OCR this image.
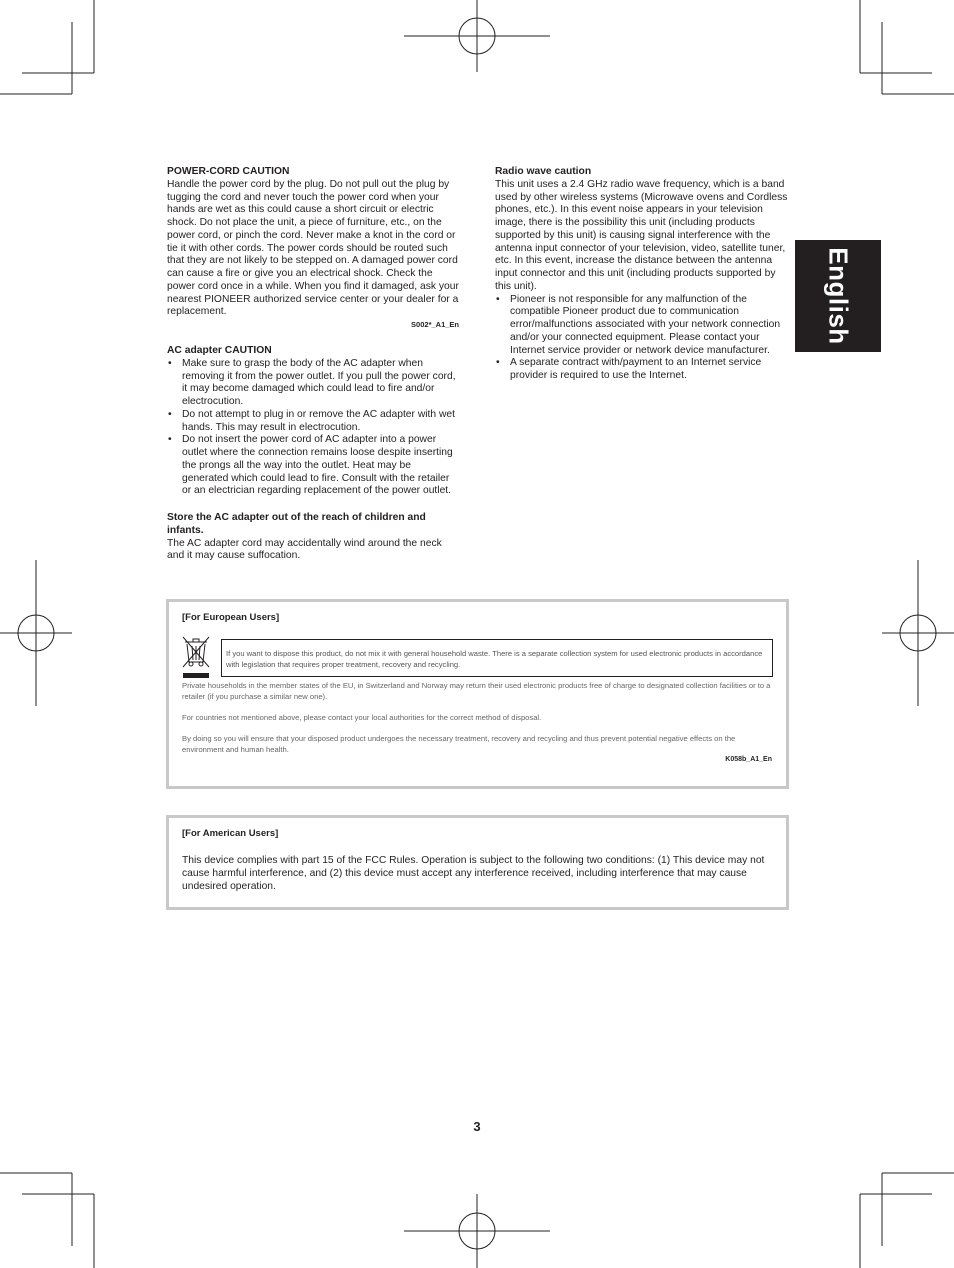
POWER-CORD CAUTION

Handle the power cord by the plug. Do not pull out the plug by tugging the cord and never touch the power cord when your hands are wet as this could cause a short circuit or electric shock. Do not place the unit, a piece of furniture, etc., on the power cord, or pinch the cord. Never make a knot in the cord or tie it with other cords. The power cords should be routed such that they are not likely to be stepped on. A damaged power cord can cause a fire or give you an electrical shock. Check the power cord once in a while. When you find it damaged, ask your nearest PIONEER authorized service center or your dealer for a replacement.

S002*_A1_En

AC adapter CAUTION

• Make sure to grasp the body of the AC adapter when removing it from the power outlet. If you pull the power cord, it may become damaged which could lead to fire and/or electrocution.
• Do not attempt to plug in or remove the AC adapter with wet hands. This may result in electrocution.
• Do not insert the power cord of AC adapter into a power outlet where the connection remains loose despite inserting the prongs all the way into the outlet. Heat may be generated which could lead to fire. Consult with the retailer or an electrician regarding replacement of the power outlet.

Store the AC adapter out of the reach of children and infants.

The AC adapter cord may accidentally wind around the neck and it may cause suffocation.

Radio wave caution

This unit uses a 2.4 GHz radio wave frequency, which is a band used by other wireless systems (Microwave ovens and Cordless phones, etc.). In this event noise appears in your television image, there is the possibility this unit (including products supported by this unit) is causing signal interference with the antenna input connector of your television, video, satellite tuner, etc. In this event, increase the distance between the antenna input connector and this unit (including products supported by this unit).

• Pioneer is not responsible for any malfunction of the compatible Pioneer product due to communication error/malfunctions associated with your network connection and/or your connected equipment. Please contact your Internet service provider or network device manufacturer.
• A separate contract with/payment to an Internet service provider is required to use the Internet.
English
[For European Users]
If you want to dispose this product, do not mix it with general household waste. There is a separate collection system for used electronic products in accordance with legislation that requires proper treatment, recovery and recycling.
Private households in the member states of the EU, in Switzerland and Norway may return their used electronic products free of charge to designated collection facilities or to a retailer (if you purchase a similar new one).
For countries not mentioned above, please contact your local authorities for the correct method of disposal.
By doing so you will ensure that your disposed product undergoes the necessary treatment, recovery and recycling and thus prevent potential negative effects on the environment and human health.
K058b_A1_En
[For American Users]
This device complies with part 15 of the FCC Rules. Operation is subject to the following two conditions: (1) This device may not cause harmful interference, and (2) this device must accept any interference received, including interference that may cause undesired operation.
3
